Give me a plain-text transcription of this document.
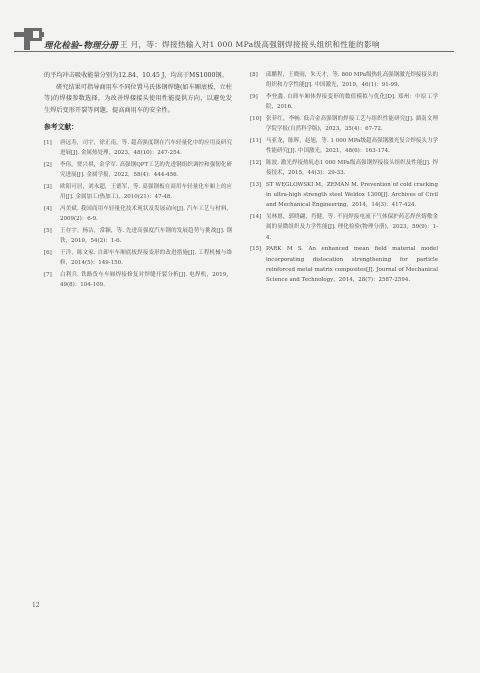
理化检验–物理分册 王 月，等：焊接热输入对1 000 MPa级高强钢焊接接头组织和性能的影响

的平均冲击吸收能量分别为12.84、10.45 J，均高于MS1000钢。

研究结果可指导商用车不同位置马氏体钢焊缝(如车厢底板、立柱等)的焊接参数选择，为改善焊接接头使用性能提供方向，以避免发生焊后变形开裂等问题，提高商用车的安全性。

参考文献：
[1]	唐远寿，司宇，徐正南，等. 超高强度钢在汽车轻量化中的应用及研究进展[J]. 金属热处理，2023，48(10)：247-254.
[2]	李伟，贾兴祺，金学军. 高强钢QPT工艺的先进钢组织调控和强韧化研究进展[J]. 金属学报，2022，58(4)：444-456.
[3]	欧阳可居，刘永超，王德军，等. 高强钢板在商用车轻量化车厢上的应用[J]. 金属加工(热加工)，2010(21)：47-48.
[4]	冯美斌. 我国商用车轻量化技术现状及发展动向[J]. 汽车工艺与材料，2009(2)：6-9.
[5]	王存宇，杨洁，常颖，等. 先进高强度汽车钢的发展趋势与挑战[J]. 钢铁，2019，54(2)：1-6.
[6]	于洋，陈文家. 自卸车车厢底板焊接变形的改进措施[J]. 工程机械与维修，2014(5)：149-150.
[7]	白利兵. 铁路货车车厢焊接修复对焊缝开裂分析[J]. 电焊机，2019，49(8)：104-109.
[8]	邱鹏程，王晓雨，朱天才，等. 800 MPa级热轧高强钢激光焊接接头的组织和力学性能[J]. 中国激光，2019，46(1)：91-99.
[9]	李登鑫. 自卸车厢体焊接变形的数值模拟与优化[D]. 郑州：中原工学院，2016.
[10] 张菲红，李畅. 低合金高强钢的焊接工艺与组织性能研究[J]. 湖南文理学院学报(自然科学版)，2023，35(4)：67-72.
[11] 马亚龙，陈晖，赵旭，等. 1 000 MPa级超高强钢激光复合焊接头力学性能研究[J]. 中国激光，2021，48(6)：163-174.
[12] 陈波. 激光焊接热轧态1 000 MPa级高强钢焊接接头组织及性能[J]. 焊接技术，2015，44(3)：29-33.
[13] ST WĘGLOWSKI M，ZEMAN M. Prevention of cold cracking in ultra-high strength steel Weldox 1300[J]. Archives of Civil and Mechanical Engineering，2014，14(3)：417-424.
[14] 吴林愿，郭晓翩，肖健，等. 不同焊接电流下气体保护药芯焊丝熔敷金属的显微组织及力学性能[J]. 理化检验(物理分册)，2023，59(9)：1-4.
[15] PARK M S. An enhanced mean field material model incorporating dislocation strengthening for particle reinforced metal matrix composites[J]. Journal of Mechanical Science and Technology，2014，28(7)：2587-2594.
12
